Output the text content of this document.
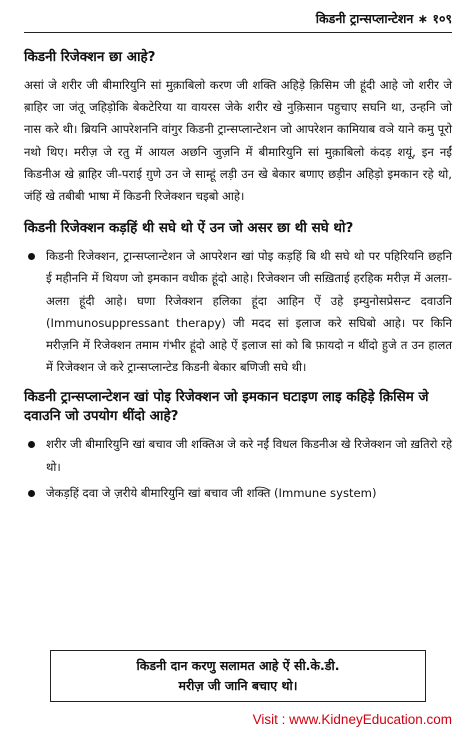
किडनी ट्रान्सप्लान्टेशन ∗ १०९
किडनी रिजेक्शन छा आहे?

असां जे शरीर जी बीमारियुनि सां मुक़ाबिलो करण जी शक्ति अहिड़े क़िसिम जी हूंदी आहे जो शरीर जे ब़ाहिर जा जंतू जहिड़ोकि बेकटेरिया या वायरस जेके शरीर खे नुक़िसान पहुचाए सघनि था, उन्हनि जो नास करे थी। ब्रियनि आपरेशननि वांगुर किडनी ट्रान्सप्लान्टेशन जो आपरेशन कामियाब वञे याने कमु पूरो नथो थिए। मरीज़ जे रतु में आयल अछनि जुज़नि में बीमारियुनि सां मुक़ाबिलो कंदड़ शयूं, इन नईं किडनीअ खे ब़ाहिर जी-पराई ग़ुणे उन जे साम्हूं लड़ी उन खे बेकार बणाए छड़ीन अहिड़ो इमकान रहे थो, जंहिं खे तबीबी भाषा में किडनी रिजेक्शन चइबो आहे।

किडनी रिजेक्शन कड़हिं थी सघे थो ऐं उन जो असर छा थी सघे थो?
किडनी रिजेक्शन, ट्रान्सप्लान्टेशन जे आपरेशन खां पोइ कड़हिं बि थी सघे थो पर पहिरियनि छहनि ई महीननि में थियण जो इमकान वधीक हूंदो आहे। रिजेक्शन जी सख़िताई हरहिक मरीज़ में अलग़-अलग़ हूंदी आहे। घणा रिजेक्शन हलिका हूंदा आहिन ऐं उहे इम्युनोसप्रेसन्ट दवाउनि (Immunosuppressant therapy) जी मदद सां इलाज करे सघिबो आहे। पर किनि मरीज़नि में रिजेक्शन तमाम गंभीर हूंदो आहे ऐं इलाज सां को बि फ़ायदो न थींदो हुजे त उन हालत में रिजेक्शन जे करे ट्रान्सप्लान्टेड किडनी बेकार बणिजी सघे थी।
किडनी ट्रान्सप्लान्टेशन खां पोइ रिजेक्शन जो इमकान घटाइण लाइ कहिड़े क़िसिम जे दवाउनि जो उपयोग थींदो आहे?
शरीर जी बीमारियुनि खां बचाव जी शक्तिअ जे करे नईं विधल किडनीअ खे रिजेक्शन जो ख़तिरो रहे थो।
जेकड़हिं दवा जे ज़रीये बीमारियुनि खां बचाव जी शक्ति (Immune system)
किडनी दान करणु सलामत आहे ऐं सी.के.डी.
मरीज़ जी जानि बचाए थो।
Visit : www.KidneyEducation.com
